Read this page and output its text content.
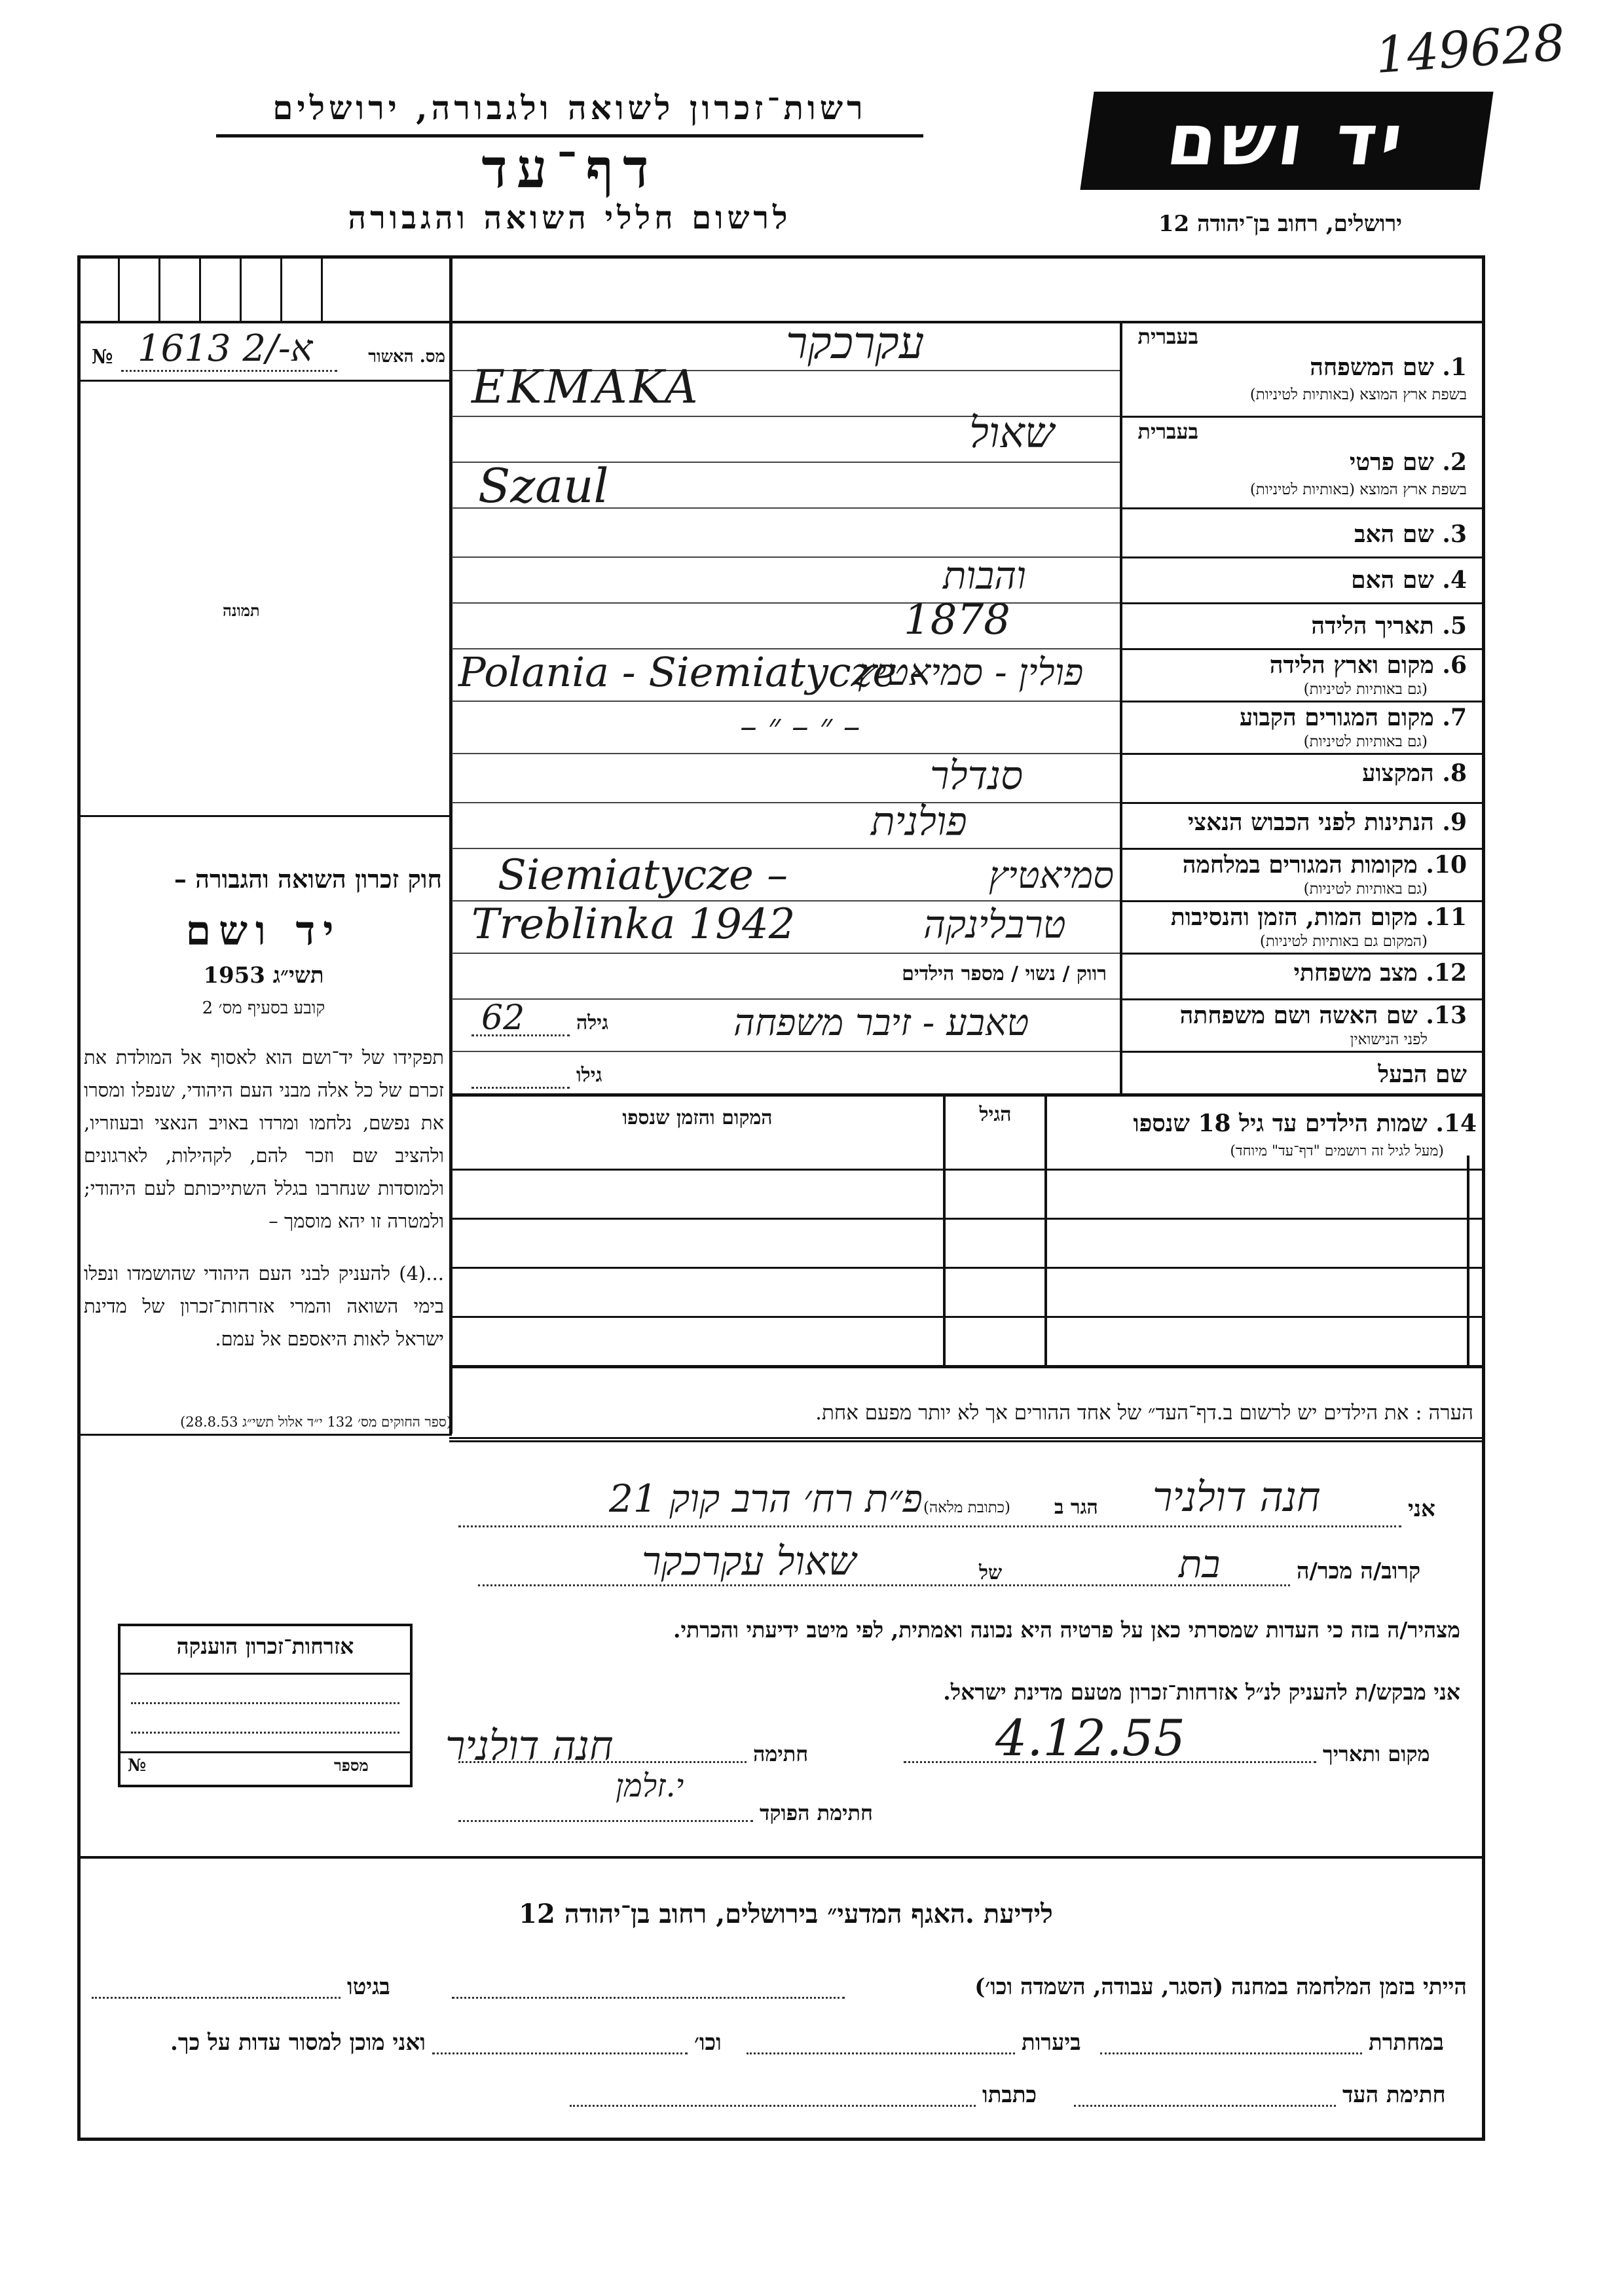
149628
רשות־זכרון לשואה ולגבורה, ירושלים
דף־עד
לרשום חללי השואה והגבורה
יד ושם
ירושלים, רחוב בן־יהודה 12
מס. האשור
1613 א-/2
№
תמונה
חוק זכרון השואה והגבורה –
יד ושם
תשי״ג 1953
קובע בסעיף מס׳ 2
תפקידו של יד־ושם הוא לאסוף אל המולדת את זכרם של כל אלה מבני העם היהודי, שנפלו ומסרו את נפשם, נלחמו ומרדו באויב הנאצי ובעוזריו, ולהציב שם וזכר להם, לקהילות, לארגונים ולמוסדות שנחרבו בגלל השתייכותם לעם היהודי; ולמטרה זו יהא מוסמך –
...(4) להעניק לבני העם היהודי שהושמדו ונפלו בימי השואה והמרי אזרחות־זכרון של מדינת ישראל לאות היאספם אל עמם.
(ספר החוקים מס׳ 132 י״ד אלול תשי״ג 28.8.53)
אזרחות־זכרון הוענקה
מספר
№
בעברית
1. שם המשפחה
בשפת ארץ המוצא (באותיות לטיניות)
בעברית
2. שם פרטי
בשפת ארץ המוצא (באותיות לטיניות)
3. שם האב
4. שם האם
5. תאריך הלידה
6. מקום וארץ הלידה
(גם באותיות לטיניות)
7. מקום המגורים הקבוע
(גם באותיות לטיניות)
8. המקצוע
9. הנתינות לפני הכבוש הנאצי
10. מקומות המגורים במלחמה
(גם באותיות לטיניות)
11. מקום המות, הזמן והנסיבות
(המקום גם באותיות לטיניות)
12. מצב משפחתי
13. שם האשה ושם משפחתה
לפני הנישואין
שם הבעל
עקרכקר
EKMAKA
שאול
Szaul
והבות
1878
Polania - Siemiatycze -
פולין - סמיאטיץ
– ״ – ״ –
סנדלר
פולנית
Siemiatycze –	סמיאטיץ
Treblinka 1942	טרבלינקה
רווק / נשוי / מספר הילדים
טאבע - זיבר משפחה
גילה
62
גילו
14. שמות הילדים עד גיל 18 שנספו
(מעל לגיל זה רושמים "דף־עד" מיוחד)
הגיל
המקום והזמן שנספו
הערה : את הילדים יש לרשום ב.דף־העד״ של אחד ההורים אך לא יותר מפעם אחת.
אני
חנה דולניר
הגר ב
(כתובת מלאה)
פ״ת רח׳ הרב קוק 21
קרוב/ה מכר/ה
בת
של
שאול עקרכקר
מצהיר/ה בזה כי העדות שמסרתי כאן על פרטיה היא נכונה ואמתית, לפי מיטב ידיעתי והכרתי.
אני מבקש/ת להעניק לנ״ל אזרחות־זכרון מטעם מדינת ישראל.
מקום ותאריך
4.12.55
חתימה
חנה דולניר
י.זלמן
חתימת הפוקד
לידיעת .האגף המדעי״ בירושלים, רחוב בן־יהודה 12
הייתי בזמן המלחמה במחנה (הסגר, עבודה, השמדה וכו׳)
בגיטו
במחתרת
ביערות
וכו׳
ואני מוכן למסור עדות על כך.
חתימת העד
כתבתו
